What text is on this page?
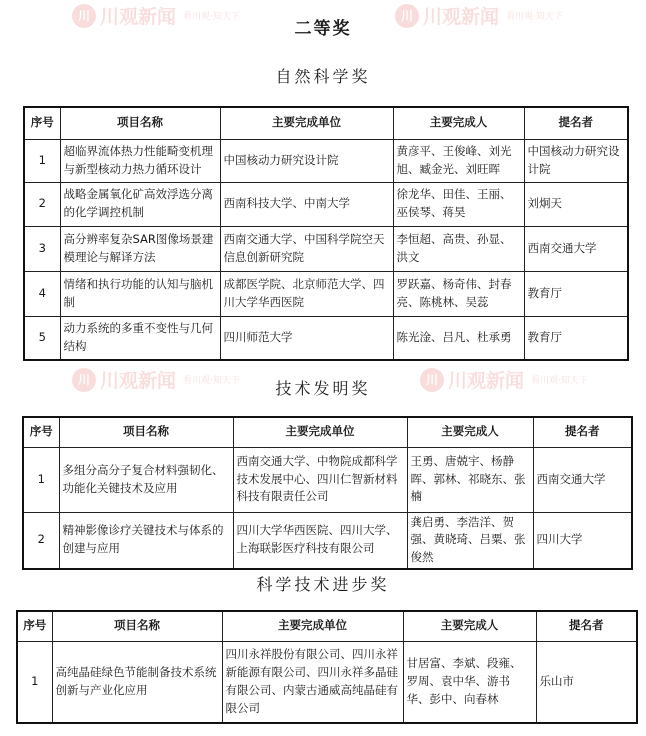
川 川观新闻 看川观·知天下	川 川观新闻 看川观·知天下
川 川观新闻 看川观·知天下	川 川观新闻 看川观·知天下
二等奖
自然科学奖
序号	项目名称	主要完成单位	主要完成人	提名者
1	超临界流体热力性能畸变机理与新型核动力热力循环设计	中国核动力研究设计院	黄彦平、王俊峰、刘光旭、臧金光、刘旺晖	中国核动力研究设计院
2	战略金属氧化矿高效浮选分离的化学调控机制	西南科技大学、中南大学	徐龙华、田佳、王丽、巫侯琴、蒋昊	刘炯天
3	高分辨率复杂SAR图像场景建模理论与解译方法	西南交通大学、中国科学院空天信息创新研究院	李恒超、高贵、孙显、洪文	西南交通大学
4	情绪和执行功能的认知与脑机制	成都医学院、北京师范大学、四川大学华西医院	罗跃嘉、杨奇伟、封春亮、陈桃林、吴蕊	教育厅
5	动力系统的多重不变性与几何结构	四川师范大学	陈光淦、吕凡、杜承勇	教育厅
技术发明奖
序号	项目名称	主要完成单位	主要完成人	提名者
1	多组分高分子复合材料强韧化、功能化关键技术及应用	西南交通大学、中物院成都科学技术发展中心、四川仁智新材料科技有限责任公司	王勇、唐兢宇、杨静晖、郭林、祁晓东、张楠	西南交通大学
2	精神影像诊疗关键技术与体系的创建与应用	四川大学华西医院、四川大学、上海联影医疗科技有限公司	龚启勇、李浩洋、贺强、黄晓琦、吕粟、张俊然	四川大学
科学技术进步奖
序号	项目名称	主要完成单位	主要完成人	提名者
1	高纯晶硅绿色节能制备技术系统创新与产业化应用	四川永祥股份有限公司、四川永祥新能源有限公司、四川永祥多晶硅有限公司、内蒙古通威高纯晶硅有限公司	甘居富、李斌、段雍、罗周、袁中华、游书华、彭中、向春林	乐山市
